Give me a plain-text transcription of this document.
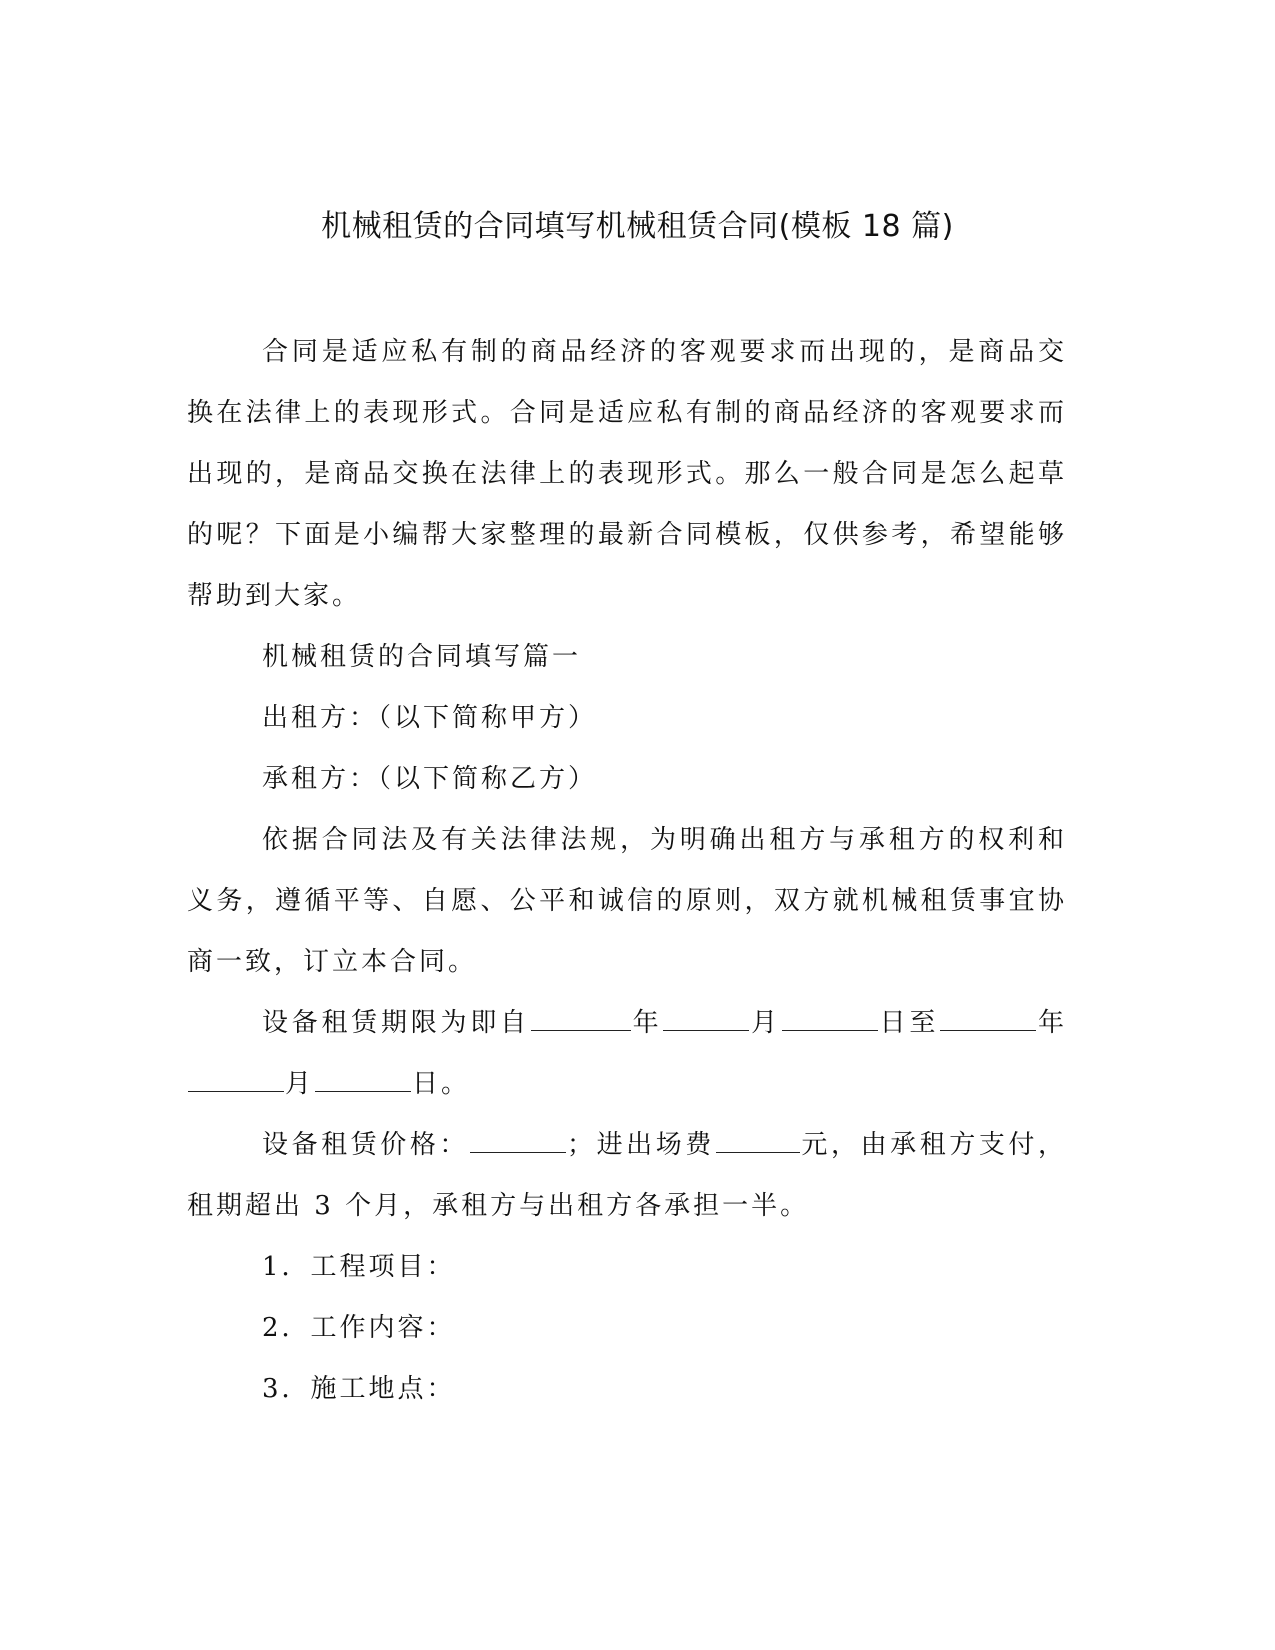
机械租赁的合同填写机械租赁合同(模板 18 篇)

合同是适应私有制的商品经济的客观要求而出现的，是商品交换在法律上的表现形式。合同是适应私有制的商品经济的客观要求而出现的，是商品交换在法律上的表现形式。那么一般合同是怎么起草的呢？下面是小编帮大家整理的最新合同模板，仅供参考，希望能够帮助到大家。

机械租赁的合同填写篇一

出租方：（以下简称甲方）

承租方：（以下简称乙方）

依据合同法及有关法律法规，为明确出租方与承租方的权利和义务，遵循平等、自愿、公平和诚信的原则，双方就机械租赁事宜协商一致，订立本合同。

设备租赁期限为即自	年	月	日至	年月	日。

设备租赁价格：	；进出场费	元，由承租方支付，租期超出 3 个月，承租方与出租方各承担一半。

1．工程项目：

2．工作内容：

3．施工地点：
